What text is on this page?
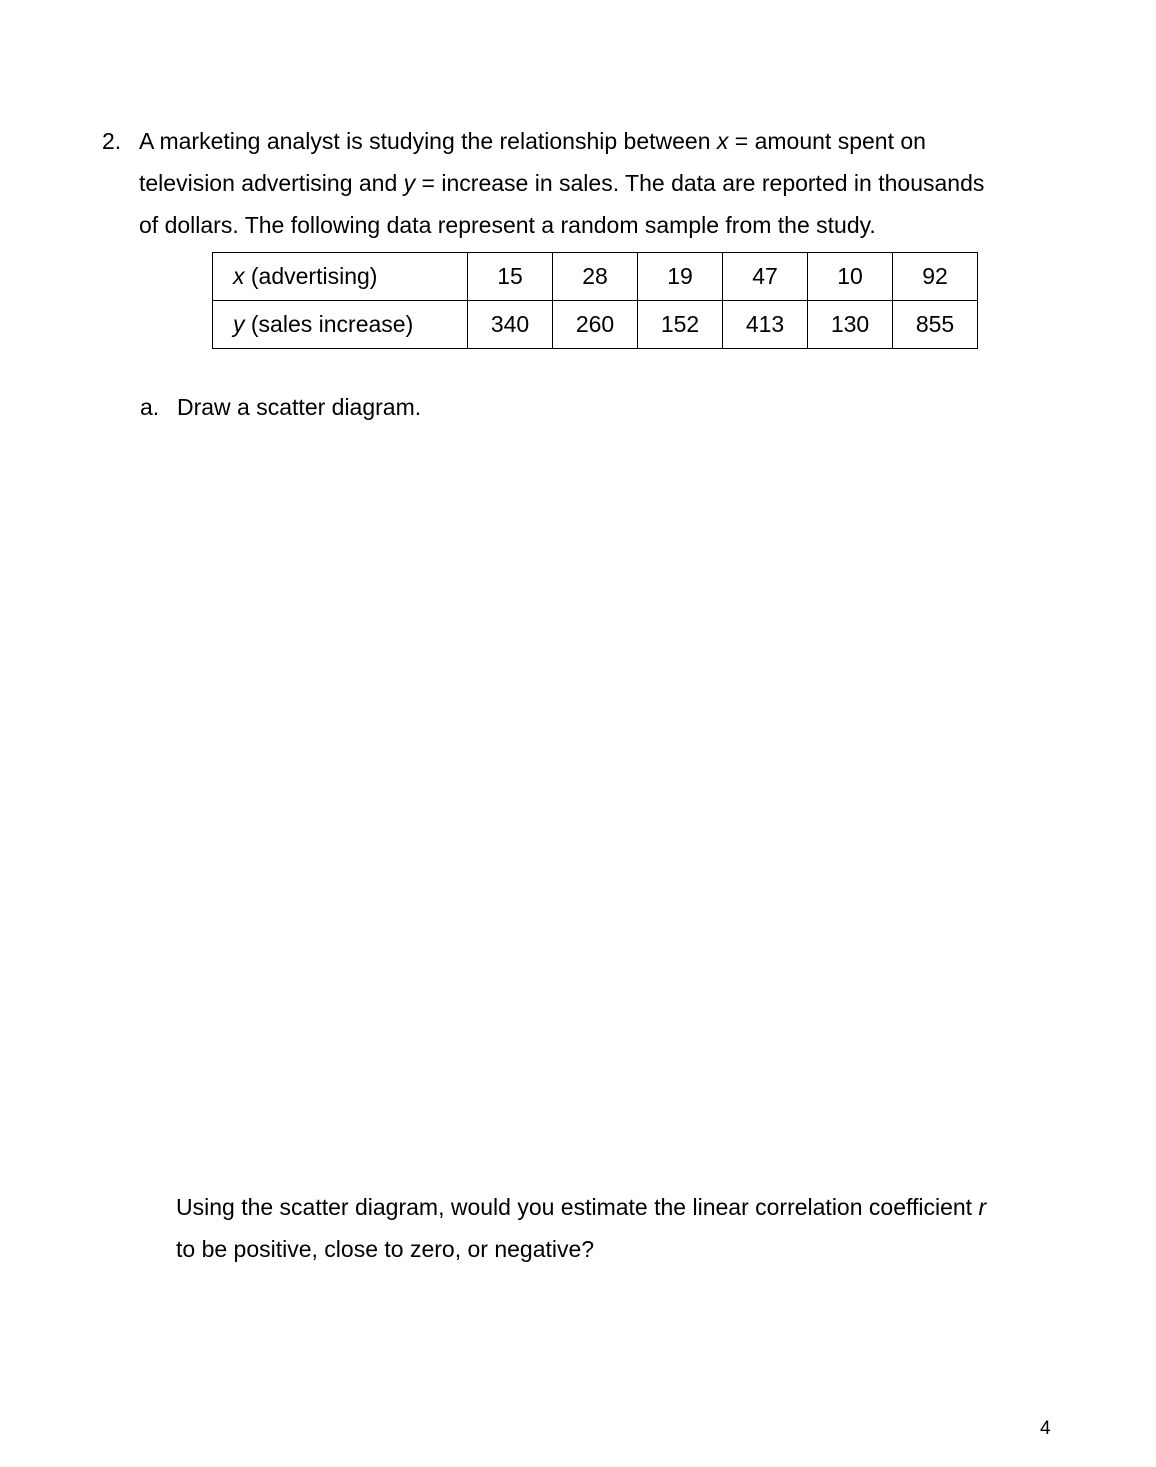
2. A marketing analyst is studying the relationship between x = amount spent on

television advertising and y = increase in sales. The data are reported in thousands

of dollars. The following data represent a random sample from the study.

x (advertising)	15	28	19	47	10	92
y (sales increase)	340	260	152	413	130	855
a. Draw a scatter diagram.

Using the scatter diagram, would you estimate the linear correlation coefficient r

to be positive, close to zero, or negative?

4
